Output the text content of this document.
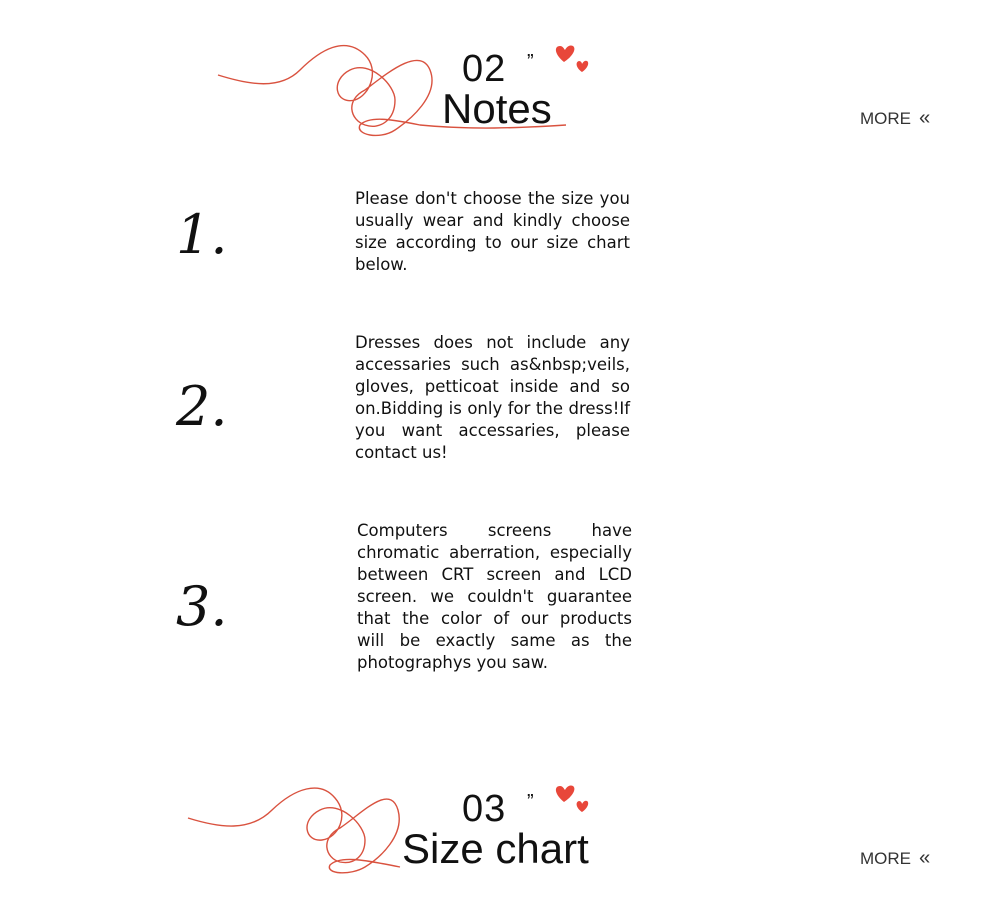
02 ”
Notes	MORE ‹‹
1.
Please don't choose the size you usually wear and kindly choose size according to our size chart below.
2.
Dresses does not include any accessaries such as&nbsp;veils, gloves, petticoat inside and so on.Bidding is only for the dress!If you want accessaries, please contact us!
3.
Computers screens have chromatic aberration, especially between CRT screen and LCD screen. we couldn't guarantee that the color of our products will be exactly same as the photographys you saw.
03 ”
Size chart	MORE ‹‹
